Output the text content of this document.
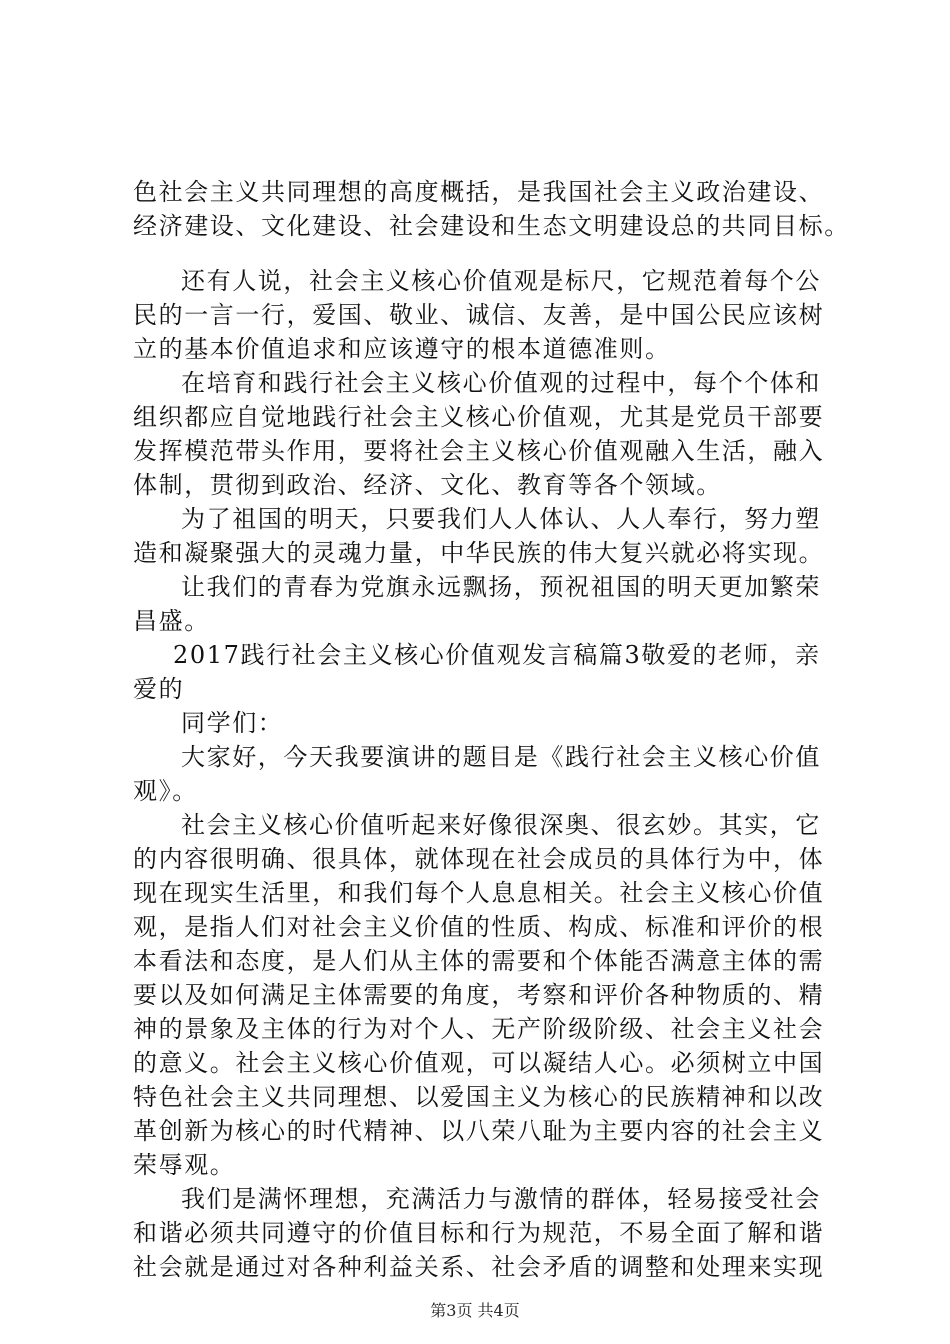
色社会主义共同理想的高度概括，是我国社会主义政治建设、
经济建设、文化建设、社会建设和生态文明建设总的共同目标。
还有人说，社会主义核心价值观是标尺，它规范着每个公
民的一言一行，爱国、敬业、诚信、友善，是中国公民应该树
立的基本价值追求和应该遵守的根本道德准则。
在培育和践行社会主义核心价值观的过程中，每个个体和
组织都应自觉地践行社会主义核心价值观，尤其是党员干部要
发挥模范带头作用，要将社会主义核心价值观融入生活，融入
体制，贯彻到政治、经济、文化、教育等各个领域。
为了祖国的明天，只要我们人人体认、人人奉行，努力塑
造和凝聚强大的灵魂力量，中华民族的伟大复兴就必将实现。
让我们的青春为党旗永远飘扬，预祝祖国的明天更加繁荣
昌盛。
2017践行社会主义核心价值观发言稿篇3敬爱的老师，亲
爱的
同学们：
大家好，今天我要演讲的题目是《践行社会主义核心价值
观》。
社会主义核心价值听起来好像很深奥、很玄妙。其实，它
的内容很明确、很具体，就体现在社会成员的具体行为中，体
现在现实生活里，和我们每个人息息相关。社会主义核心价值
观，是指人们对社会主义价值的性质、构成、标准和评价的根
本看法和态度，是人们从主体的需要和个体能否满意主体的需
要以及如何满足主体需要的角度，考察和评价各种物质的、精
神的景象及主体的行为对个人、无产阶级阶级、社会主义社会
的意义。社会主义核心价值观，可以凝结人心。必须树立中国
特色社会主义共同理想、以爱国主义为核心的民族精神和以改
革创新为核心的时代精神、以八荣八耻为主要内容的社会主义
荣辱观。
我们是满怀理想，充满活力与激情的群体，轻易接受社会
第3页 共4页
和谐必须共同遵守的价值目标和行为规范，不易全面了解和谐
社会就是通过对各种利益关系、社会矛盾的调整和处理来实现
